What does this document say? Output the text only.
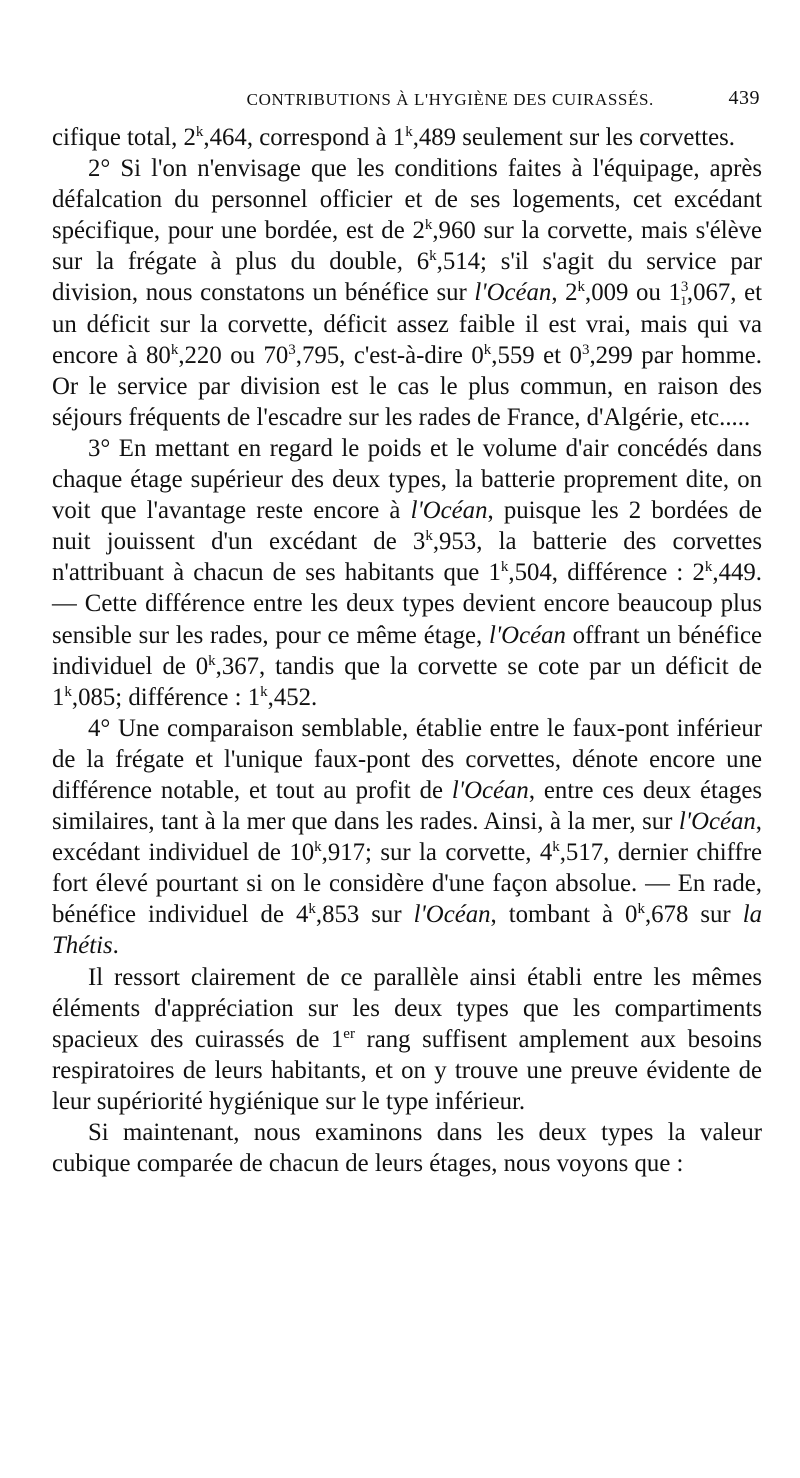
CONTRIBUTIONS À L'HYGIÈNE DES CUIRASSÉS.	439

cifique total, 2$^k$,464, correspond à 1$^k$,489 seulement sur les corvettes.

2° Si l'on n'envisage que les conditions faites à l'équipage, après défalcation du personnel officier et de ses logements, cet excédant spécifique, pour une bordée, est de 2$^k$,960 sur la corvette, mais s'élève sur la frégate à plus du double, 6$^k$,514; s'il s'agit du service par division, nous constatons un bénéfice sur l'Océan, 2$^k$,009 ou $1^3_1,067$, et un déficit sur la corvette, déficit assez faible il est vrai, mais qui va encore à 80$^k$,220 ou $70^3,795$, c'est-à-dire 0$^k$,559 et $0^3,299$ par homme. Or le service par division est le cas le plus commun, en raison des séjours fréquents de l'escadre sur les rades de France, d'Algérie, etc.....

3° En mettant en regard le poids et le volume d'air concédés dans chaque étage supérieur des deux types, la batterie proprement dite, on voit que l'avantage reste encore à l'Océan, puisque les 2 bordées de nuit jouissent d'un excédant de 3$^k$,953, la batterie des corvettes n'attribuant à chacun de ses habitants que 1$^k$,504, différence : 2$^k$,449. — Cette différence entre les deux types devient encore beaucoup plus sensible sur les rades, pour ce même étage, l'Océan offrant un bénéfice individuel de 0$^k$,367, tandis que la corvette se cote par un déficit de 1$^k$,085; différence : 1$^k$,452.

4° Une comparaison semblable, établie entre le faux-pont inférieur de la frégate et l'unique faux-pont des corvettes, dénote encore une différence notable, et tout au profit de l'Océan, entre ces deux étages similaires, tant à la mer que dans les rades. Ainsi, à la mer, sur l'Océan, excédant individuel de 10$^k$,917; sur la corvette, 4$^k$,517, dernier chiffre fort élevé pourtant si on le considère d'une façon absolue. — En rade, bénéfice individuel de 4$^k$,853 sur l'Océan, tombant à 0$^k$,678 sur la Thétis.

Il ressort clairement de ce parallèle ainsi établi entre les mêmes éléments d'appréciation sur les deux types que les compartiments spacieux des cuirassés de 1er rang suffisent amplement aux besoins respiratoires de leurs habitants, et on y trouve une preuve évidente de leur supériorité hygiénique sur le type inférieur.

Si maintenant, nous examinons dans les deux types la valeur cubique comparée de chacun de leurs étages, nous voyons que :
